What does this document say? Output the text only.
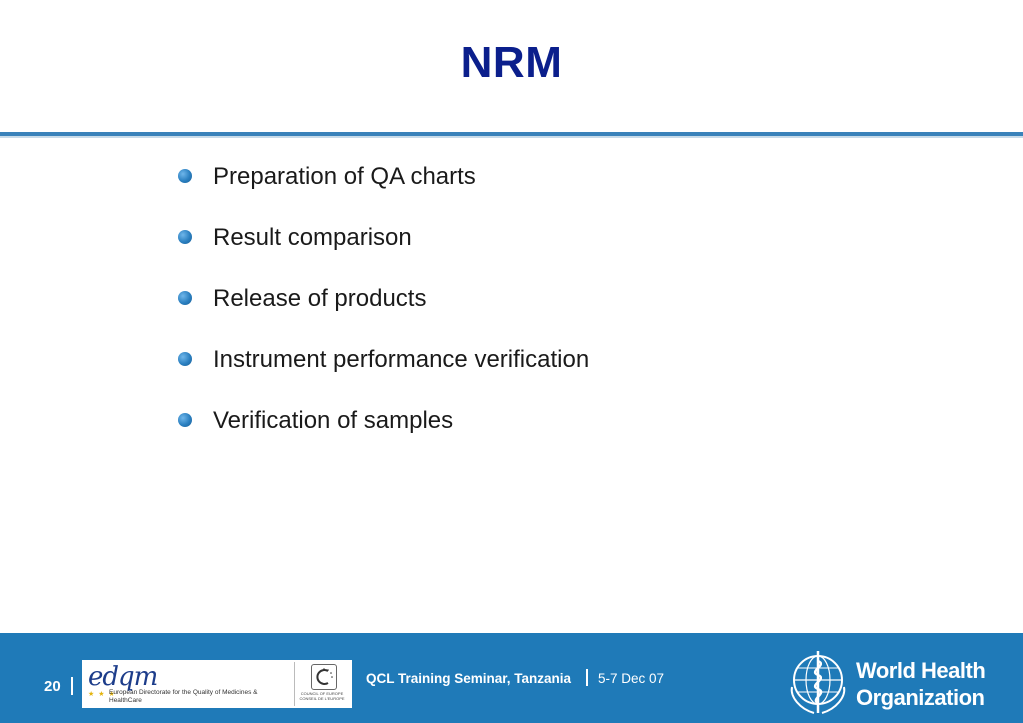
NRM
Preparation of QA charts
Result comparison
Release of products
Instrument performance verification
Verification of samples
20 edqm
★ ★ ★
European Directorate for the Quality of Medicines & HealthCare
COUNCIL OF EUROPE CONSEIL DE L'EUROPE
QCL Training Seminar, Tanzania 5-7 Dec 07	World Health
Organization
